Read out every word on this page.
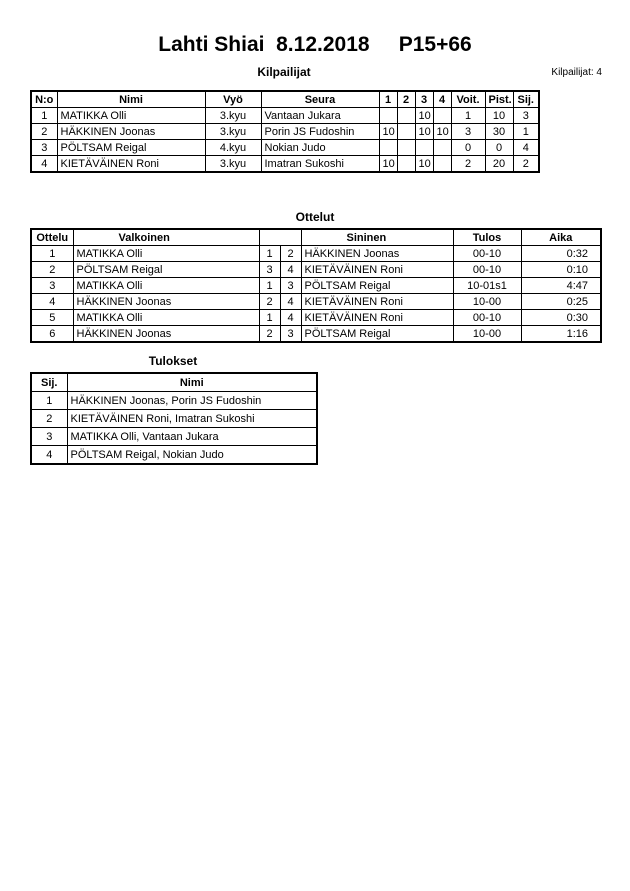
Lahti Shiai  8.12.2018     P15+66
Kilpailijat: 4
Kilpailijat
N:o	Nimi	Vyö	Seura	1	2	3	4	Voit.	Pist.	Sij.
1	MATIKKA Olli	3.kyu	Vantaan Jukara			10		1	10	3
2	HÄKKINEN Joonas	3.kyu	Porin JS Fudoshin	10		10	10	3	30	1
3	PÖLTSAM Reigal	4.kyu	Nokian Judo					0	0	4
4	KIETÄVÄINEN Roni	3.kyu	Imatran Sukoshi	10		10		2	20	2
Ottelut
Ottelu	Valkoinen			Sininen	Tulos	Aika
1	MATIKKA Olli	1	2	HÄKKINEN Joonas	00-10	0:32
2	PÖLTSAM Reigal	3	4	KIETÄVÄINEN Roni	00-10	0:10
3	MATIKKA Olli	1	3	PÖLTSAM Reigal	10-01s1	4:47
4	HÄKKINEN Joonas	2	4	KIETÄVÄINEN Roni	10-00	0:25
5	MATIKKA Olli	1	4	KIETÄVÄINEN Roni	00-10	0:30
6	HÄKKINEN Joonas	2	3	PÖLTSAM Reigal	10-00	1:16
Tulokset
Sij.	Nimi
1	HÄKKINEN Joonas, Porin JS Fudoshin
2	KIETÄVÄINEN Roni, Imatran Sukoshi
3	MATIKKA Olli, Vantaan Jukara
4	PÖLTSAM Reigal, Nokian Judo
